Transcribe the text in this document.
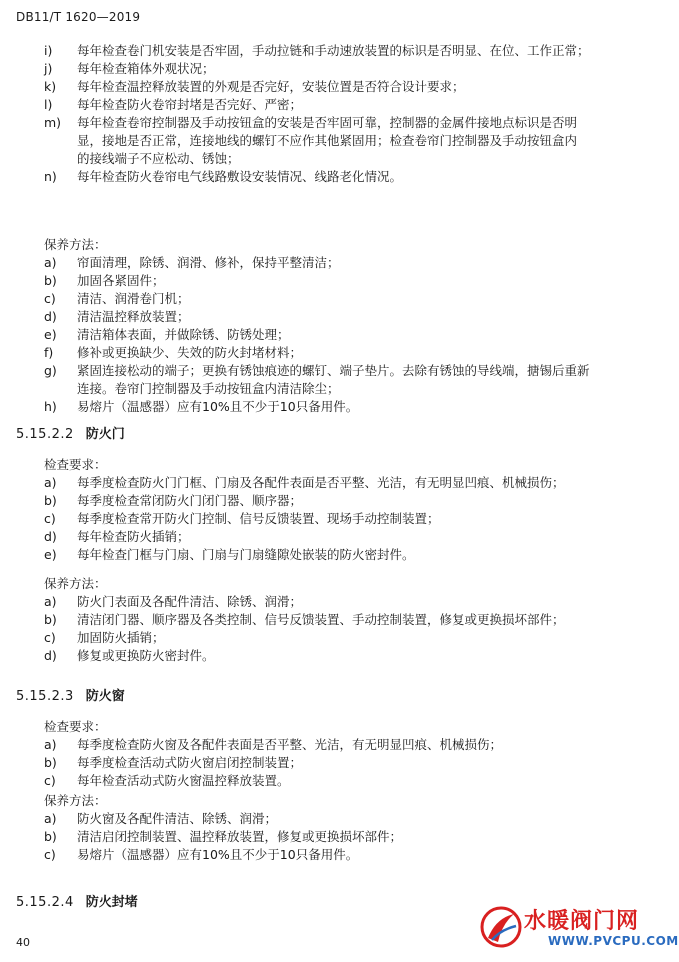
DB11/T 1620—2019
i)	每年检查卷门机安装是否牢固，手动拉链和手动速放装置的标识是否明显、在位、工作正常；
j)	每年检查箱体外观状况；
k)	每年检查温控释放装置的外观是否完好，安装位置是否符合设计要求；
l)	每年检查防火卷帘封堵是否完好、严密；
m)	每年检查卷帘控制器及手动按钮盒的安装是否牢固可靠，控制器的金属件接地点标识是否明
显，接地是否正常，连接地线的螺钉不应作其他紧固用；检查卷帘门控制器及手动按钮盒内
的接线端子不应松动、锈蚀；
n)	每年检查防火卷帘电气线路敷设安装情况、线路老化情况。
保养方法：
a)	帘面清理，除锈、润滑、修补，保持平整清洁；
b)	加固各紧固件；
c)	清洁、润滑卷门机；
d)	清洁温控释放装置；
e)	清洁箱体表面，并做除锈、防锈处理；
f)	修补或更换缺少、失效的防火封堵材料；
g)	紧固连接松动的端子；更换有锈蚀痕迹的螺钉、端子垫片。去除有锈蚀的导线端，搪锡后重新
连接。卷帘门控制器及手动按钮盒内清洁除尘；
h)	易熔片（温感器）应有10%且不少于10只备用件。
5.15.2.2 防火门
检查要求：
a)	每季度检查防火门门框、门扇及各配件表面是否平整、光洁，有无明显凹痕、机械损伤；
b)	每季度检查常闭防火门闭门器、顺序器；
c)	每季度检查常开防火门控制、信号反馈装置、现场手动控制装置；
d)	每年检查防火插销；
e)	每年检查门框与门扇、门扇与门扇缝隙处嵌装的防火密封件。
保养方法：
a)	防火门表面及各配件清洁、除锈、润滑；
b)	清洁闭门器、顺序器及各类控制、信号反馈装置、手动控制装置，修复或更换损坏部件；
c)	加固防火插销；
d)	修复或更换防火密封件。
5.15.2.3 防火窗
检查要求：
a)	每季度检查防火窗及各配件表面是否平整、光洁，有无明显凹痕、机械损伤；
b)	每季度检查活动式防火窗启闭控制装置；
c)	每年检查活动式防火窗温控释放装置。
保养方法：
a)	防火窗及各配件清洁、除锈、润滑；
b)	清洁启闭控制装置、温控释放装置，修复或更换损坏部件；
c)	易熔片（温感器）应有10%且不少于10只备用件。
5.15.2.4 防火封堵
40
水暖阀门网
WWW.PVCPU.COM
